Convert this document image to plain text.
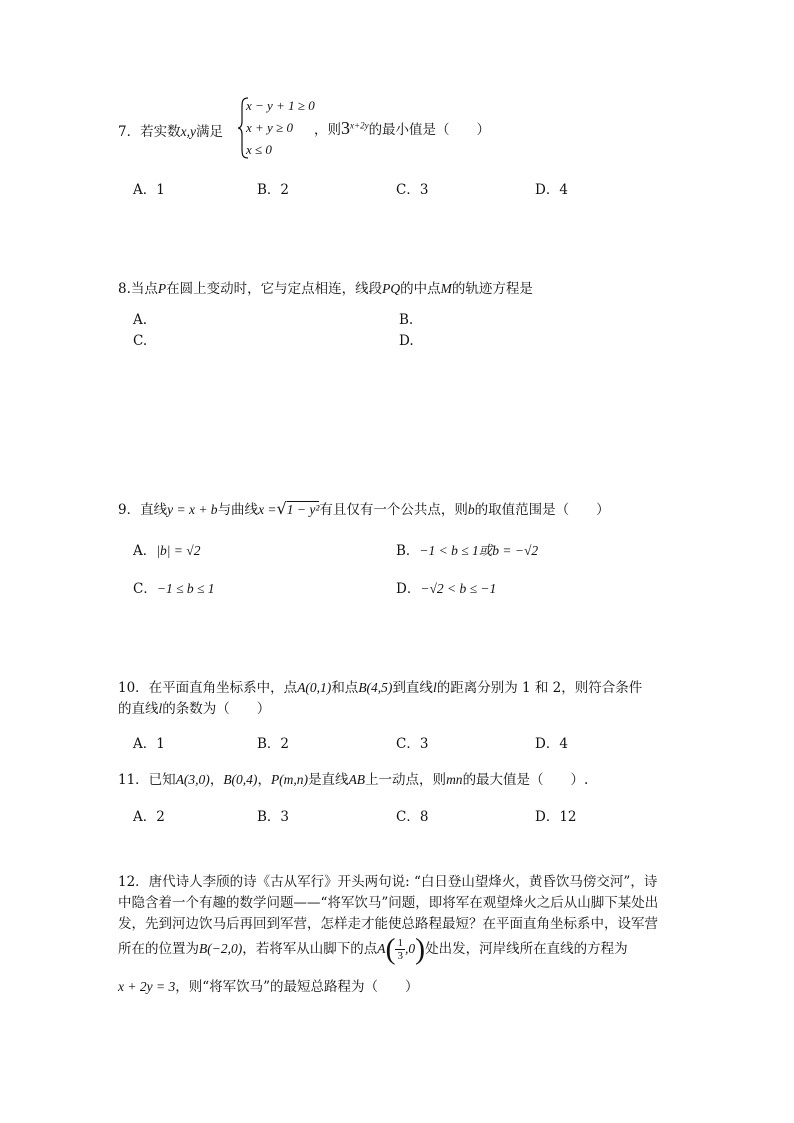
7．若实数x,y满足
x − y + 1 ≥ 0
x + y ≥ 0
x ≤ 0
，则$3^{x+2y}$的最小值是（　　）
A．1	B．2	C．3	D．4
8.当点P在圆上变动时，它与定点相连，线段PQ的中点M的轨迹方程是
A.	B.
C.	D.
9．直线y = x + b与曲线x =√1 − y²有且仅有一个公共点，则b的取值范围是（　　）
A．|b| = √2	B．−1 < b ≤ 1或b = −√2
C．−1 ≤ b ≤ 1	D．−√2 < b ≤ −1
10．在平面直角坐标系中，点A(0,1)和点B(4,5)到直线l的距离分别为 1 和 2，则符合条件
的直线l的条数为（　　）
A．1	B．2	C．3	D．4
11．已知A(3,0)，B(0,4)，P(m,n)是直线AB上一动点，则mn的最大值是（　　）.
A．2	B．3	C．8	D．12
12．唐代诗人李颀的诗《古从军行》开头两句说: “白日登山望烽火，黄昏饮马傍交河”，诗
中隐含着一个有趣的数学问题——“将军饮马”问题，即将军在观望烽火之后从山脚下某处出
发，先到河边饮马后再回到军营，怎样走才能使总路程最短？在平面直角坐标系中，设军营
所在的位置为B(−2,0)，若将军从山脚下的点$A( \frac{1}{3} ,0)$处出发，河岸线所在直线的方程为
x + 2y = 3，则“将军饮马”的最短总路程为（　　）
